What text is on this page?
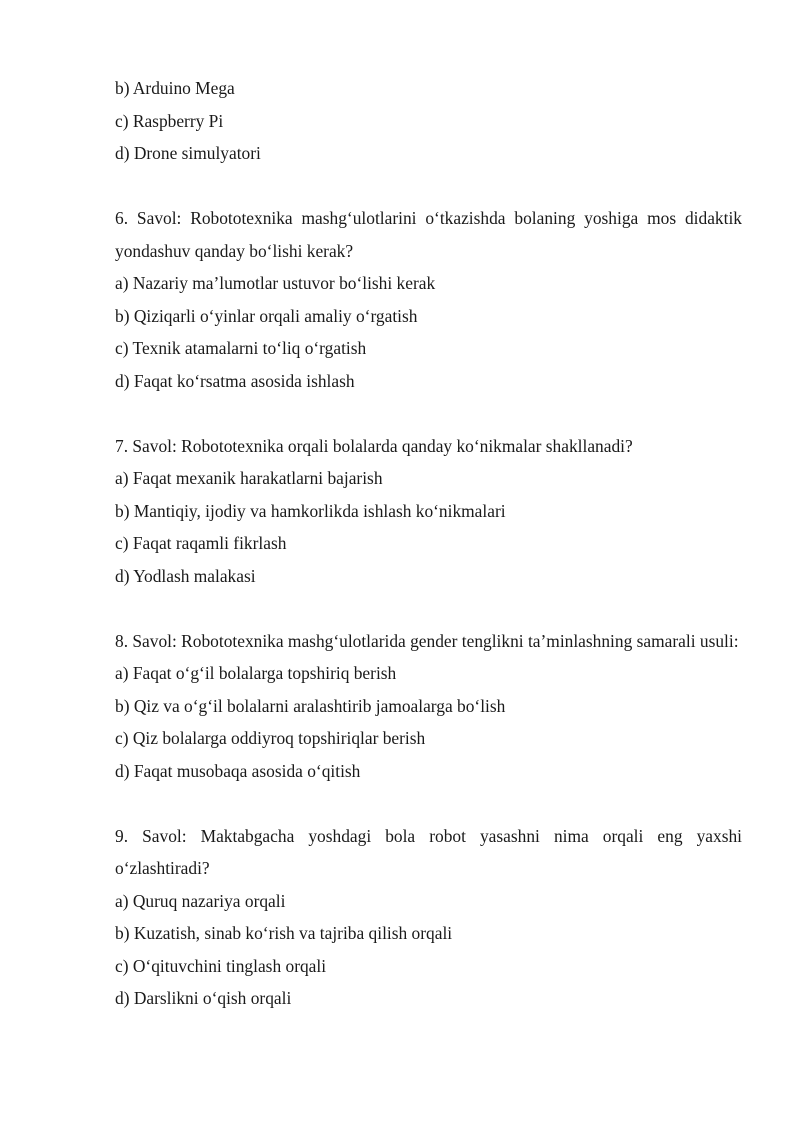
b) Arduino Mega
c) Raspberry Pi
d) Drone simulyatori
6. Savol: Robototexnika mashg‘ulotlarini o‘tkazishda bolaning yoshiga mos didaktik yondashuv qanday bo‘lishi kerak?
a) Nazariy ma’lumotlar ustuvor bo‘lishi kerak
b) Qiziqarli o‘yinlar orqali amaliy o‘rgatish
c) Texnik atamalarni to‘liq o‘rgatish
d) Faqat ko‘rsatma asosida ishlash
7. Savol: Robototexnika orqali bolalarda qanday ko‘nikmalar shakllanadi?
a) Faqat mexanik harakatlarni bajarish
b) Mantiqiy, ijodiy va hamkorlikda ishlash ko‘nikmalari
c) Faqat raqamli fikrlash
d) Yodlash malakasi
8. Savol: Robototexnika mashg‘ulotlarida gender tenglikni ta’minlashning samarali usuli:
a) Faqat o‘g‘il bolalarga topshiriq berish
b) Qiz va o‘g‘il bolalarni aralashtirib jamoalarga bo‘lish
c) Qiz bolalarga oddiyroq topshiriqlar berish
d) Faqat musobaqa asosida o‘qitish
9. Savol: Maktabgacha yoshdagi bola robot yasashni nima orqali eng yaxshi o‘zlashtiradi?
a) Quruq nazariya orqali
b) Kuzatish, sinab ko‘rish va tajriba qilish orqali
c) O‘qituvchini tinglash orqali
d) Darslikni o‘qish orqali
